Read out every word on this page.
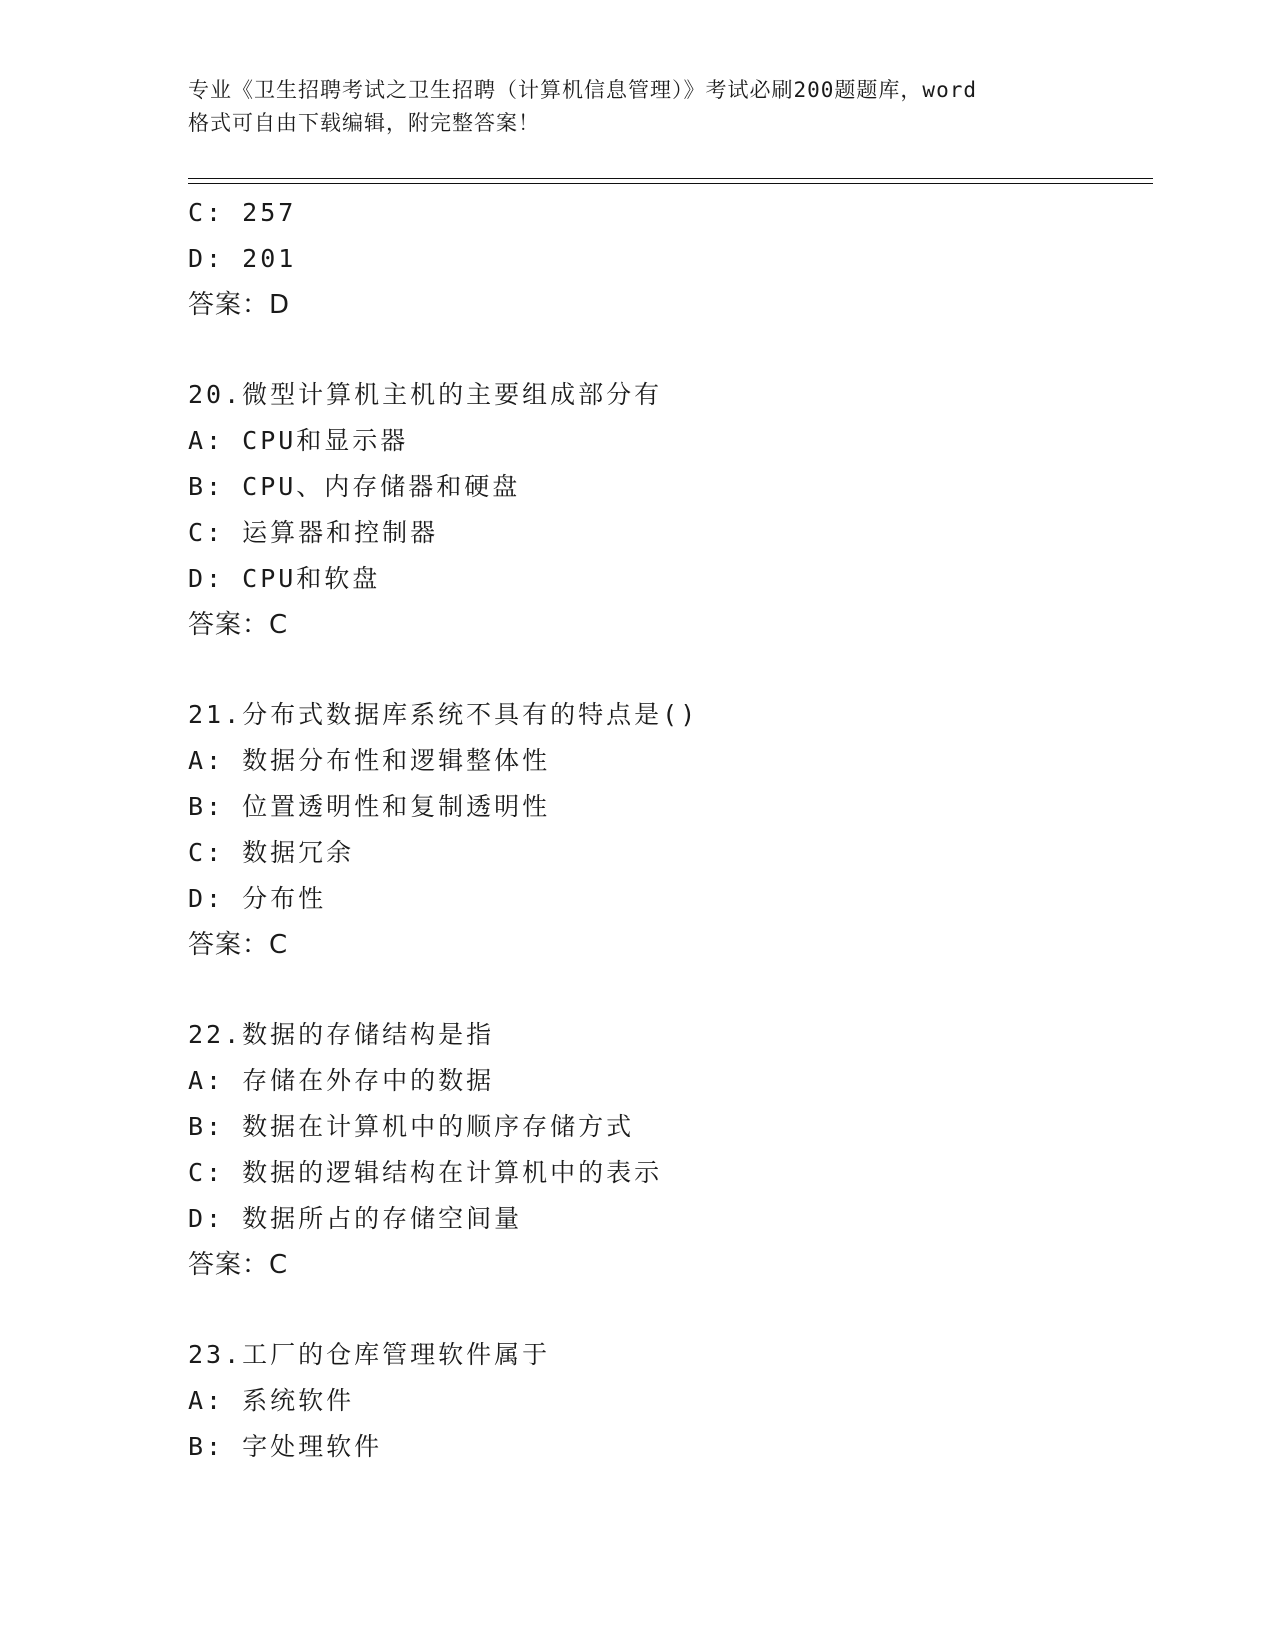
专业《卫生招聘考试之卫生招聘（计算机信息管理）》考试必刷200题题库，word
格式可自由下载编辑，附完整答案！
C: 257
D: 201
答案：D
20.微型计算机主机的主要组成部分有
A: CPU和显示器
B: CPU、内存储器和硬盘
C: 运算器和控制器
D: CPU和软盘
答案：C
21.分布式数据库系统不具有的特点是()
A: 数据分布性和逻辑整体性
B: 位置透明性和复制透明性
C: 数据冗余
D: 分布性
答案：C
22.数据的存储结构是指
A: 存储在外存中的数据
B: 数据在计算机中的顺序存储方式
C: 数据的逻辑结构在计算机中的表示
D: 数据所占的存储空间量
答案：C
23.工厂的仓库管理软件属于
A: 系统软件
B: 字处理软件
